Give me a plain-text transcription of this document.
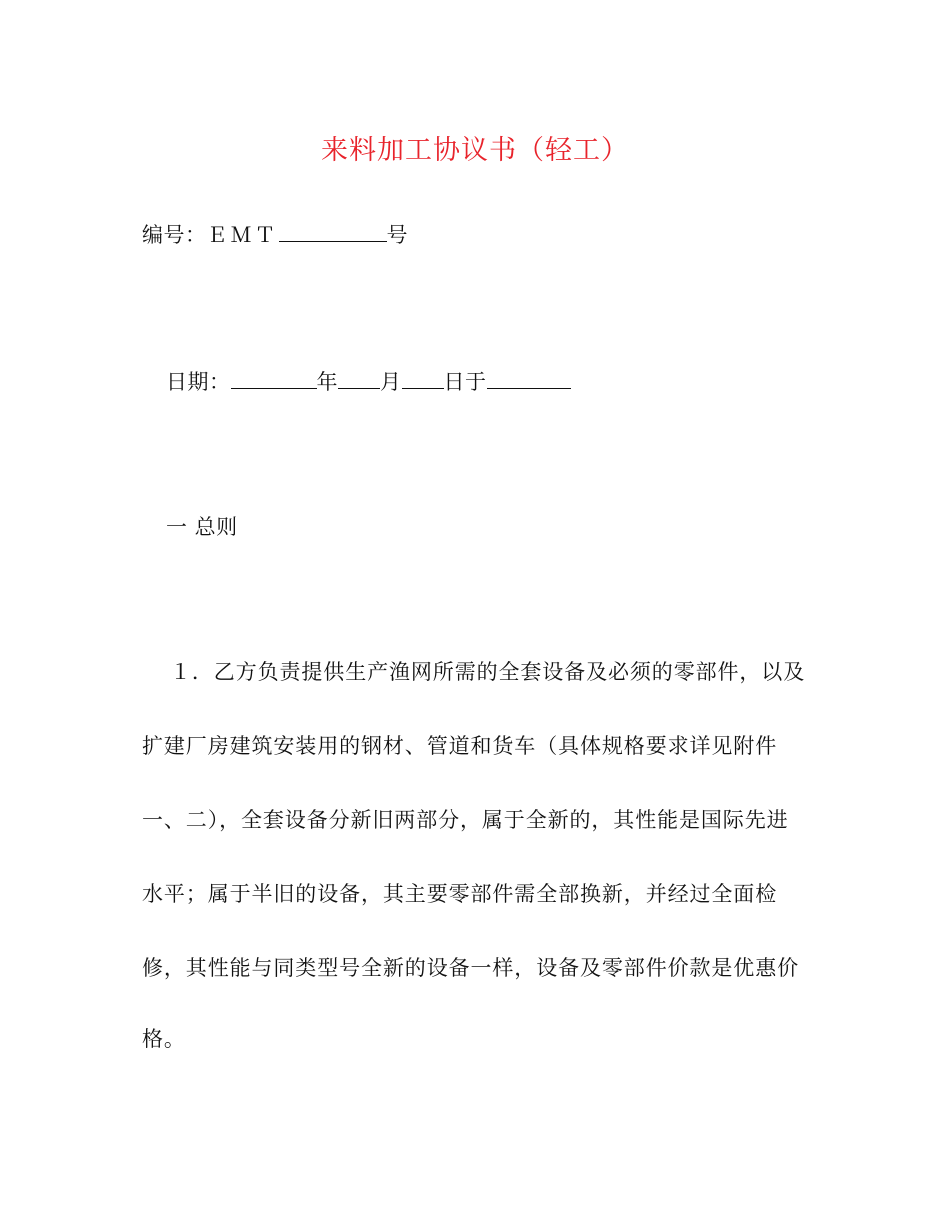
来料加工协议书（轻工）
编号：ＥＭＴ	号
日期：	年 月 日于
一 总则
１．乙方负责提供生产渔网所需的全套设备及必须的零部件，以及
扩建厂房建筑安装用的钢材、管道和货车（具体规格要求详见附件
一、二），全套设备分新旧两部分，属于全新的，其性能是国际先进
水平；属于半旧的设备，其主要零部件需全部换新，并经过全面检
修，其性能与同类型号全新的设备一样，设备及零部件价款是优惠价
格。
